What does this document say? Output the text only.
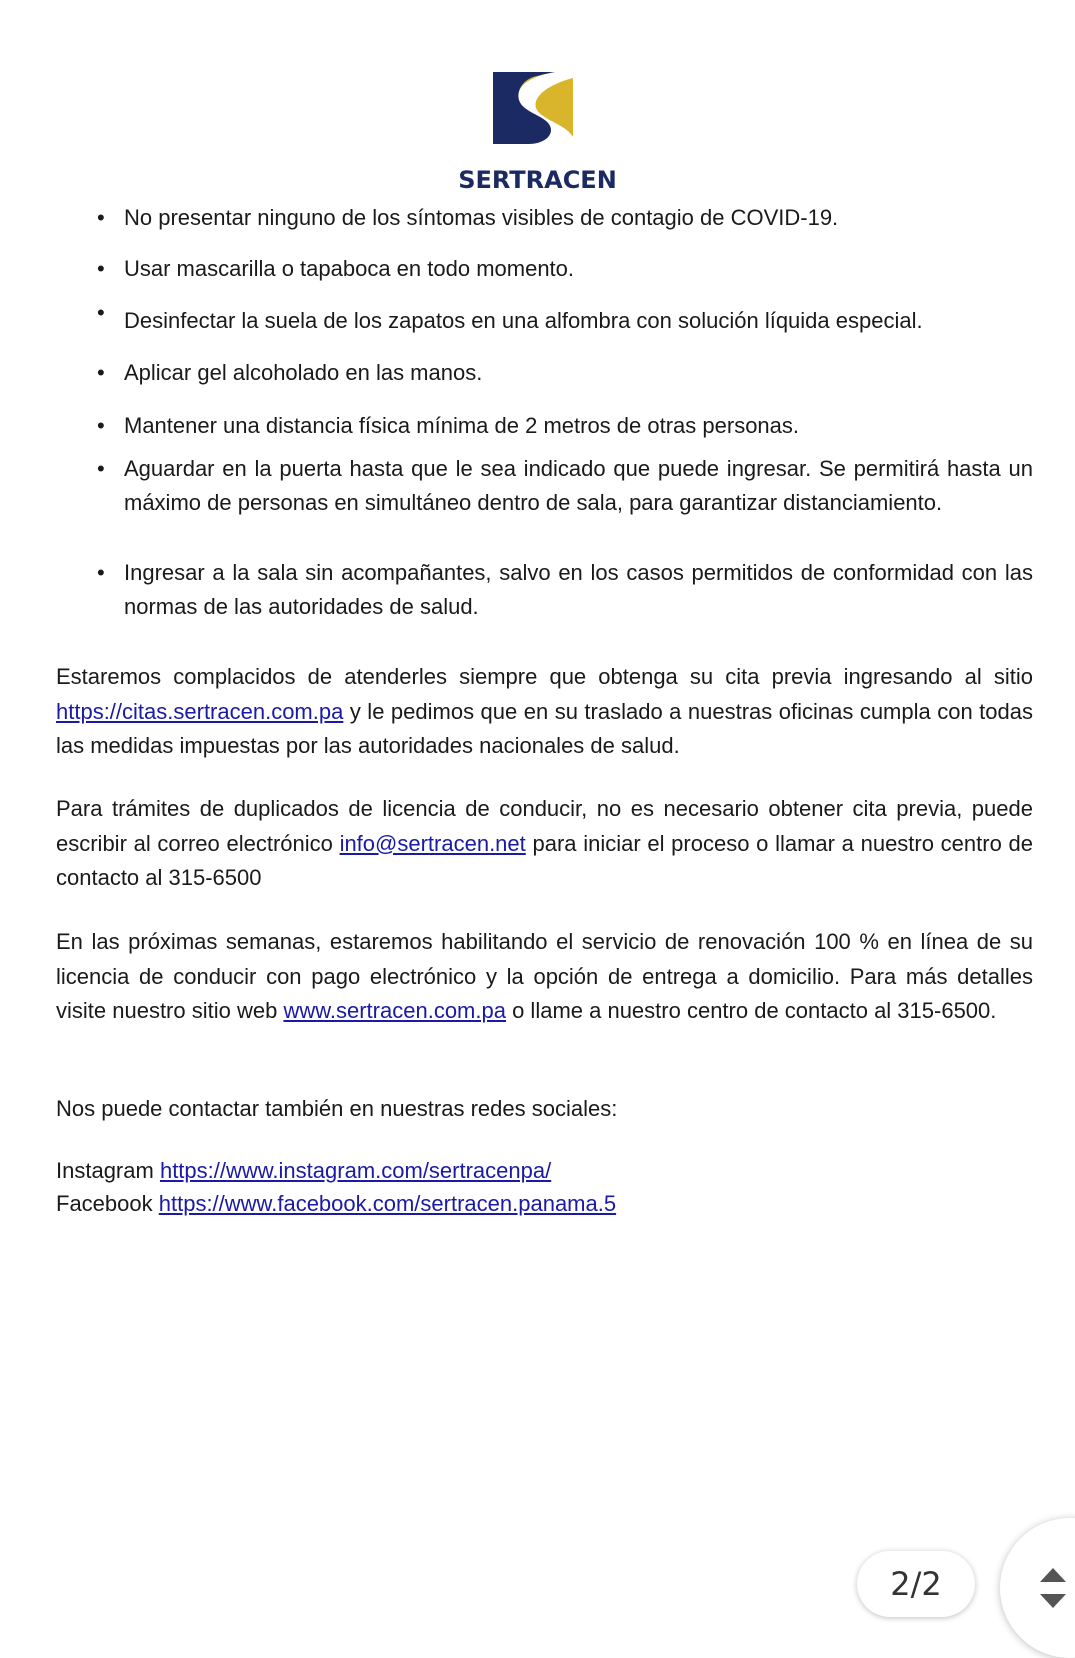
SERTRACEN
• No presentar ninguno de los síntomas visibles de contagio de COVID-19.
• Usar mascarilla o tapaboca en todo momento.
• Desinfectar la suela de los zapatos en una alfombra con solución líquida especial.
• Aplicar gel alcoholado en las manos.
• Mantener una distancia física mínima de 2 metros de otras personas.
• Aguardar en la puerta hasta que le sea indicado que puede ingresar. Se permitirá hasta un máximo de personas en simultáneo dentro de sala, para garantizar distanciamiento.
• Ingresar a la sala sin acompañantes, salvo en los casos permitidos de conformidad con las normas de las autoridades de salud.

Estaremos complacidos de atenderles siempre que obtenga su cita previa ingresando al sitio https://citas.sertracen.com.pa y le pedimos que en su traslado a nuestras oficinas cumpla con todas las medidas impuestas por las autoridades nacionales de salud.

Para trámites de duplicados de licencia de conducir, no es necesario obtener cita previa, puede escribir al correo electrónico info@sertracen.net para iniciar el proceso o llamar a nuestro centro de contacto al 315-6500

En las próximas semanas, estaremos habilitando el servicio de renovación 100 % en línea de su licencia de conducir con pago electrónico y la opción de entrega a domicilio. Para más detalles visite nuestro sitio web www.sertracen.com.pa o llame a nuestro centro de contacto al 315-6500.

Nos puede contactar también en nuestras redes sociales:

Instagram https://www.instagram.com/sertracenpa/
Facebook https://www.facebook.com/sertracen.panama.5
2/2
